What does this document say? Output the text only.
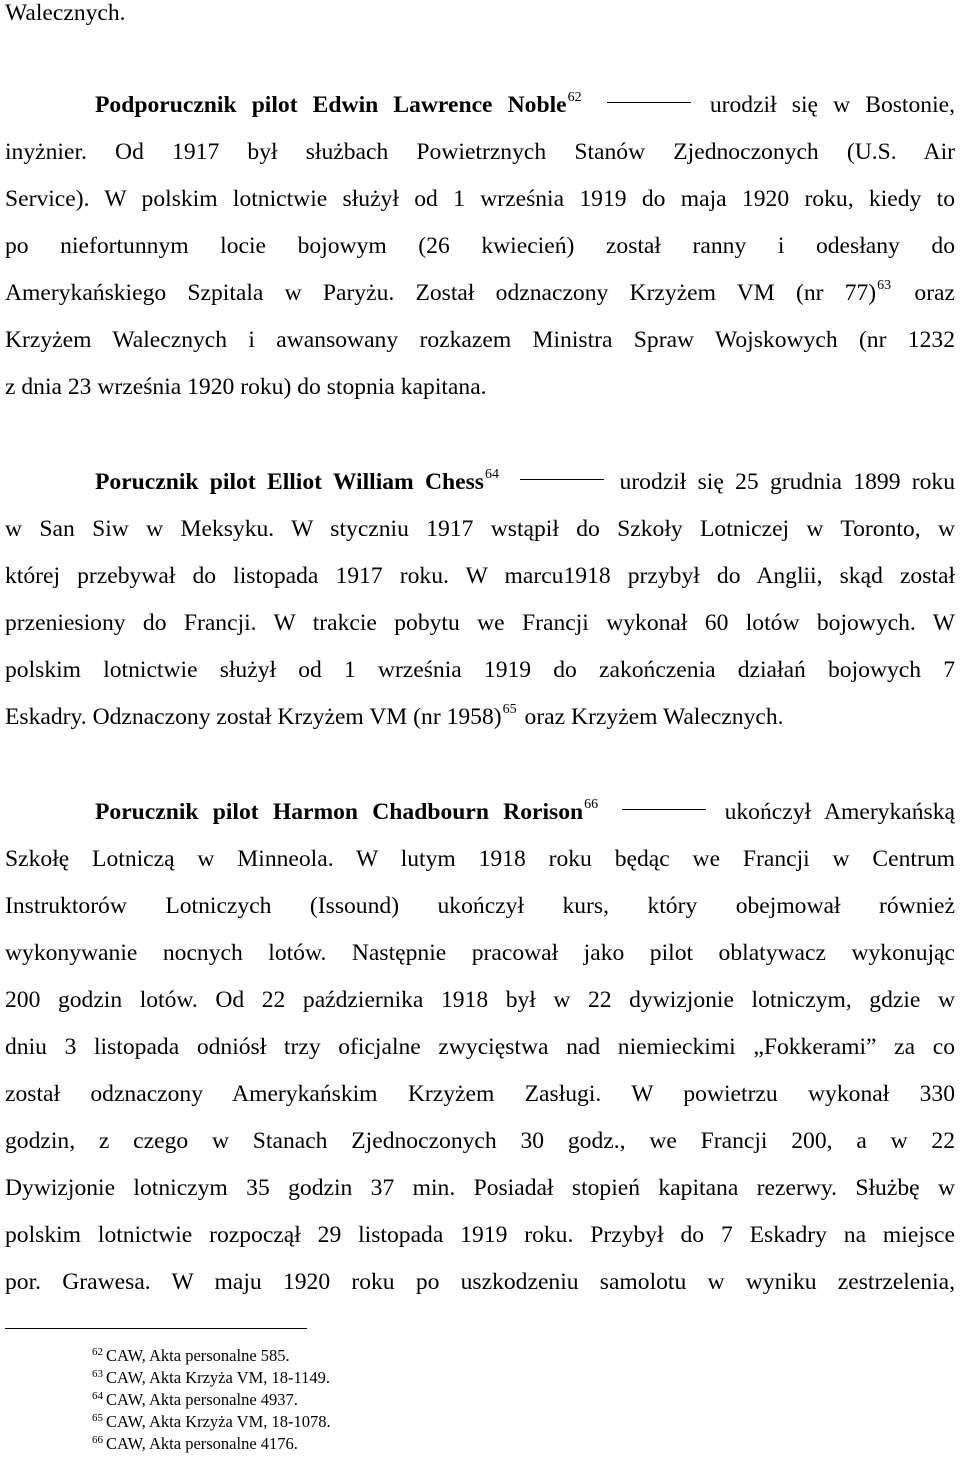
Walecznych.
Podporucznik pilot Edwin Lawrence Noble$^{62}$	urodził się w Bostonie,
inyżnier. Od 1917 był służbach Powietrznych Stanów Zjednoczonych (U.S. Air
Service). W polskim lotnictwie służył od 1 września 1919 do maja 1920 roku, kiedy to
po niefortunnym locie bojowym (26 kwiecień) został ranny i odesłany do
Amerykańskiego Szpitala w Paryżu. Został odznaczony Krzyżem VM (nr 77)$^{63}$ oraz
Krzyżem Walecznych i awansowany rozkazem Ministra Spraw Wojskowych (nr 1232
z dnia 23 września 1920 roku) do stopnia kapitana.
Porucznik pilot Elliot William Chess$^{64}$	urodził się 25 grudnia 1899 roku
w San Siw w Meksyku. W styczniu 1917 wstąpił do Szkoły Lotniczej w Toronto, w
której przebywał do listopada 1917 roku. W marcu1918 przybył do Anglii, skąd został
przeniesiony do Francji. W trakcie pobytu we Francji wykonał 60 lotów bojowych. W
polskim lotnictwie służył od 1 września 1919 do zakończenia działań bojowych 7
Eskadry. Odznaczony został Krzyżem VM (nr 1958)$^{65}$ oraz Krzyżem Walecznych.
Porucznik pilot Harmon Chadbourn Rorison$^{66}$	ukończył Amerykańską
Szkołę Lotniczą w Minneola. W lutym 1918 roku będąc we Francji w Centrum
Instruktorów Lotniczych (Issound) ukończył kurs, który obejmował również
wykonywanie nocnych lotów. Następnie pracował jako pilot oblatywacz wykonując
200 godzin lotów. Od 22 października 1918 był w 22 dywizjonie lotniczym, gdzie w
dniu 3 listopada odniósł trzy oficjalne zwycięstwa nad niemieckimi „Fokkerami” za co
został odznaczony Amerykańskim Krzyżem Zasługi. W powietrzu wykonał 330
godzin, z czego w Stanach Zjednoczonych 30 godz., we Francji 200, a w 22
Dywizjonie lotniczym 35 godzin 37 min. Posiadał stopień kapitana rezerwy. Służbę w
polskim lotnictwie rozpoczął 29 listopada 1919 roku. Przybył do 7 Eskadry na miejsce
por. Grawesa. W maju 1920 roku po uszkodzeniu samolotu w wyniku zestrzelenia,
$^{62}$ CAW, Akta personalne 585.
$^{63}$ CAW, Akta Krzyża VM, 18-1149.
$^{64}$ CAW, Akta personalne 4937.
$^{65}$ CAW, Akta Krzyża VM, 18-1078.
$^{66}$ CAW, Akta personalne 4176.
